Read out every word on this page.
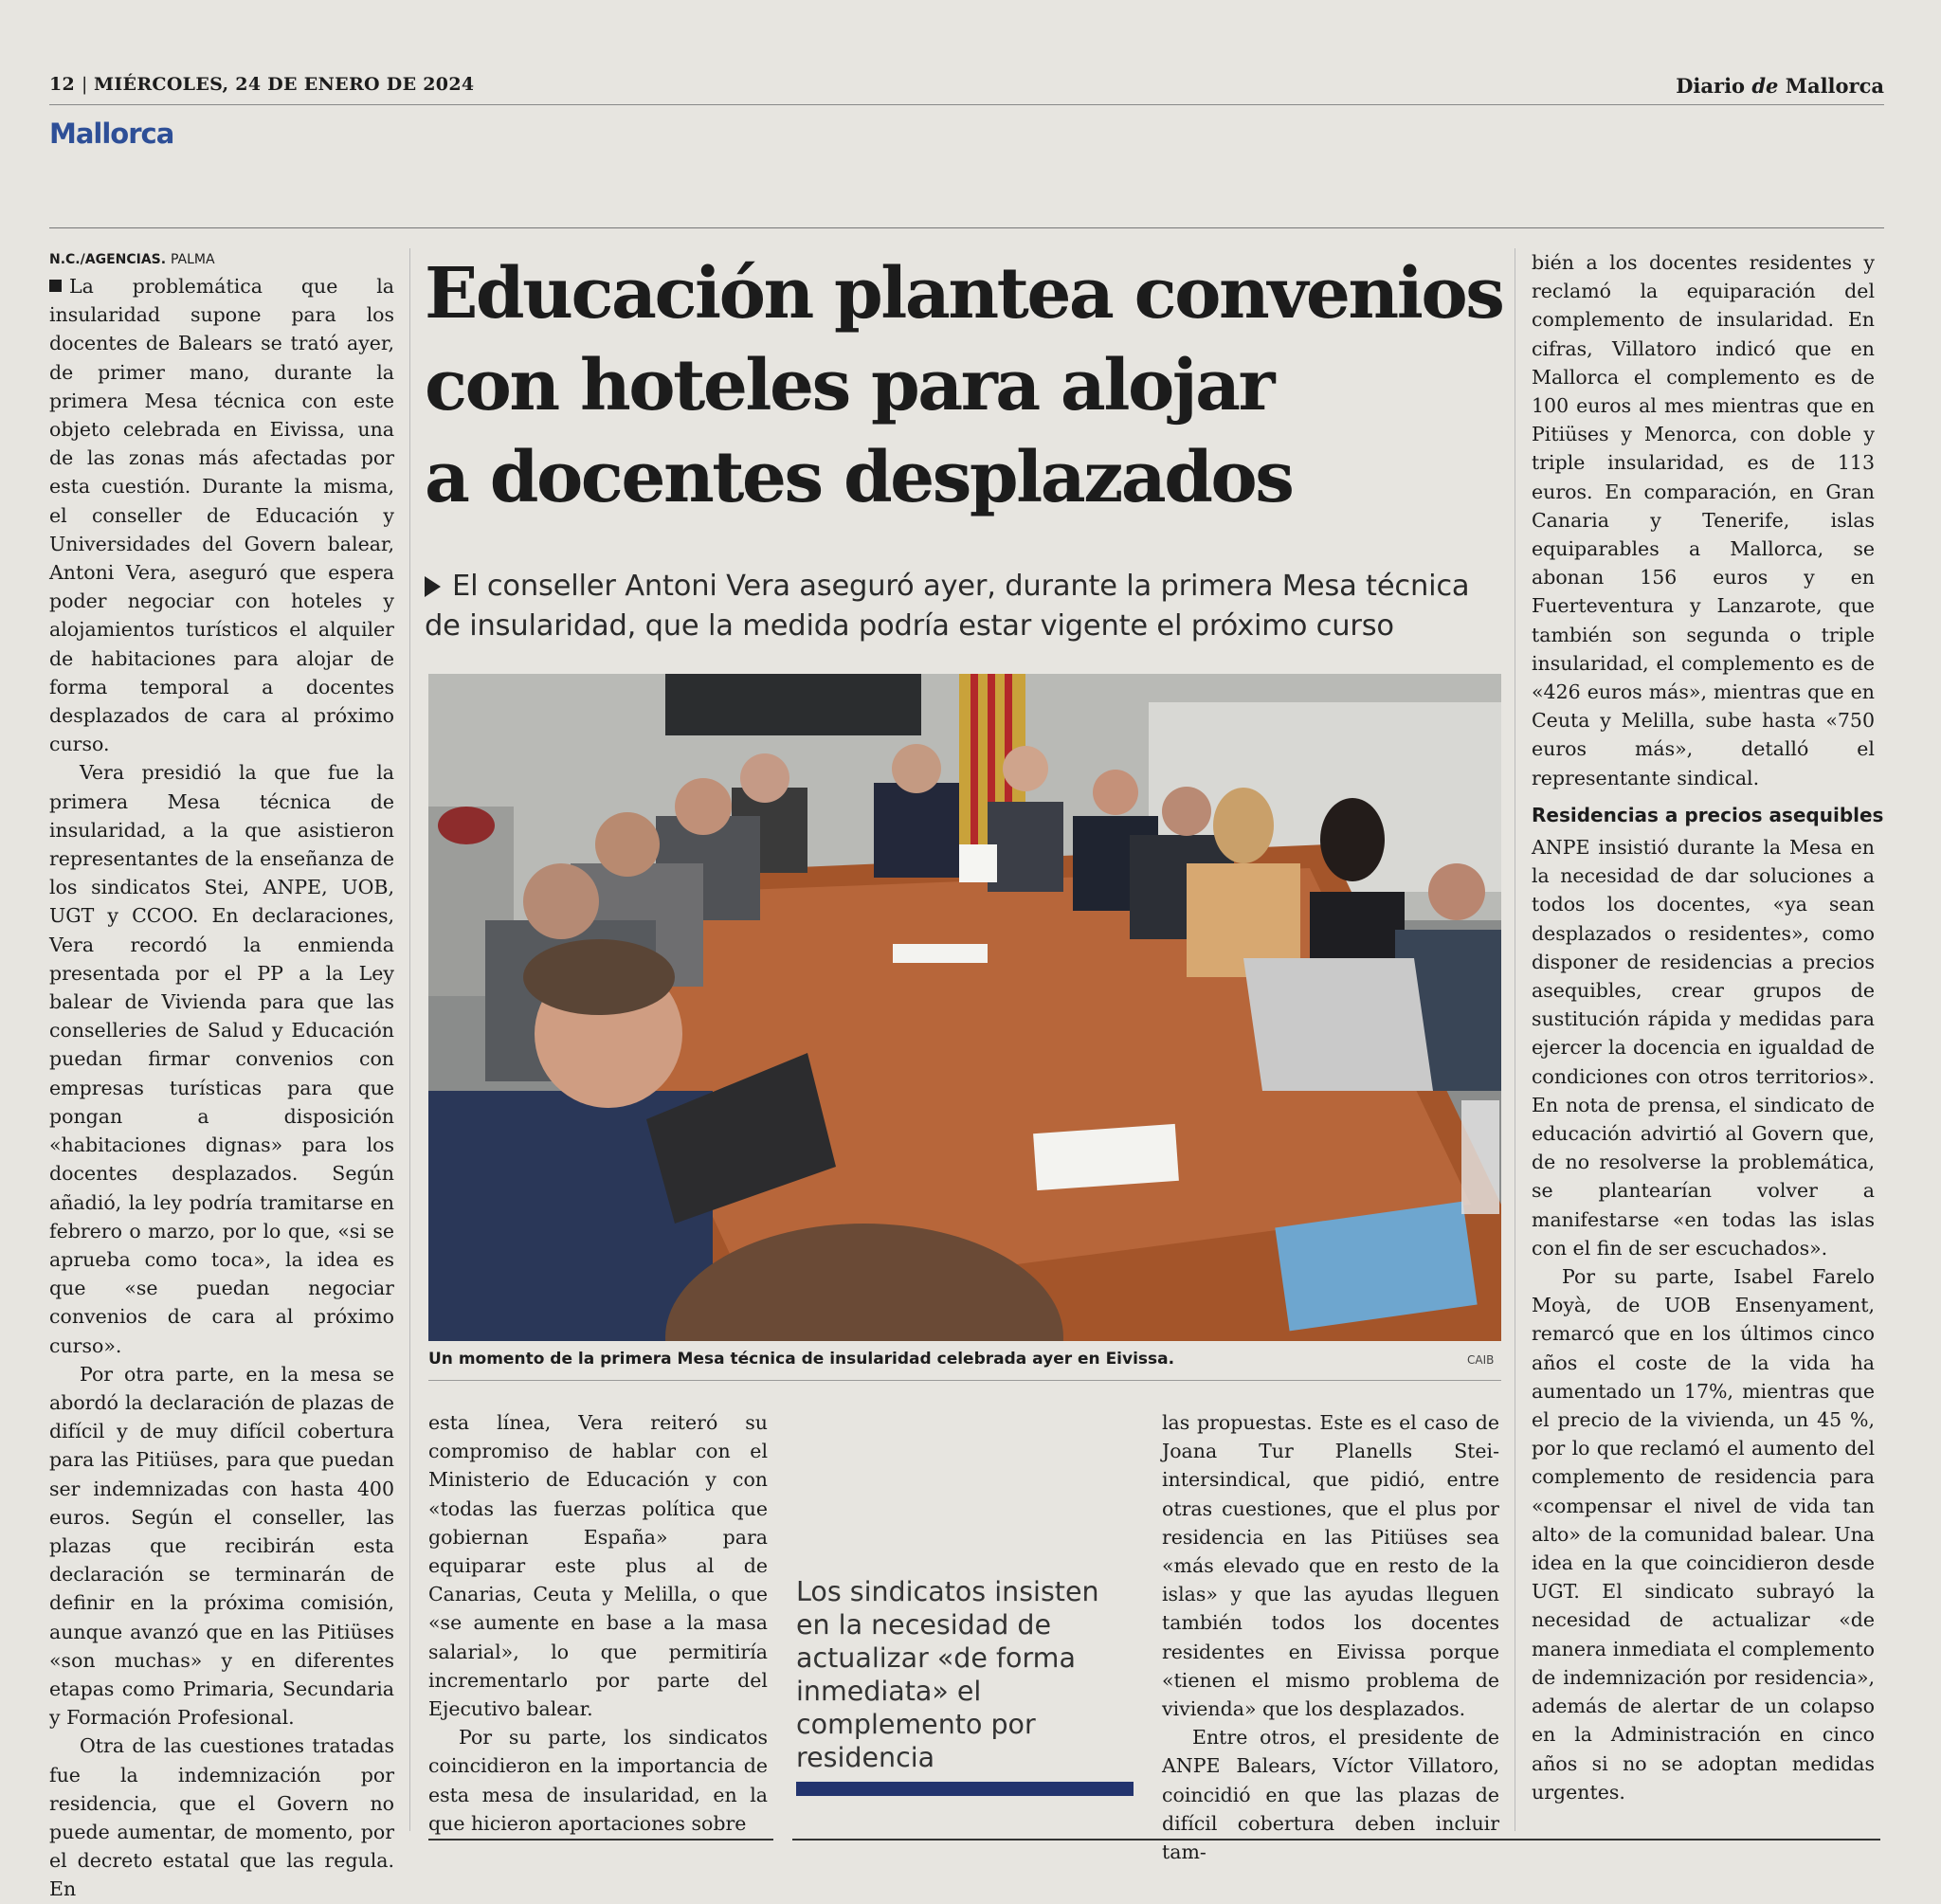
12 | MIÉRCOLES, 24 DE ENERO DE 2024	Diario de Mallorca
Mallorca
N.C./AGENCIAS. PALMA

La problemática que la insularidad supone para los docentes de Balears se trató ayer, de primer mano, durante la primera Mesa técnica con este objeto celebrada en Eivissa, una de las zonas más afectadas por esta cuestión. Durante la misma, el conseller de Educación y Universidades del Govern balear, Antoni Vera, aseguró que espera poder negociar con hoteles y alojamientos turísticos el alquiler de habitaciones para alojar de forma temporal a docentes desplazados de cara al próximo curso.

Vera presidió la que fue la primera Mesa técnica de insularidad, a la que asistieron representantes de la enseñanza de los sindicatos Stei, ANPE, UOB, UGT y CCOO. En declaraciones, Vera recordó la enmienda presentada por el PP a la Ley balear de Vivienda para que las conselleries de Salud y Educación puedan firmar convenios con empresas turísticas para que pongan a disposición «habitaciones dignas» para los docentes desplazados. Según añadió, la ley podría tramitarse en febrero o marzo, por lo que, «si se aprueba como toca», la idea es que «se puedan negociar convenios de cara al próximo curso».

Por otra parte, en la mesa se abordó la declaración de plazas de difícil y de muy difícil cobertura para las Pitiüses, para que puedan ser indemnizadas con hasta 400 euros. Según el conseller, las plazas que recibirán esta declaración se terminarán de definir en la próxima comisión, aunque avanzó que en las Pitiüses «son muchas» y en diferentes etapas como Primaria, Secundaria y Formación Profesional.

Otra de las cuestiones tratadas fue la indemnización por residencia, que el Govern no puede aumentar, de momento, por el decreto estatal que las regula. En

Educación plantea convenios
con hoteles para alojar
a docentes desplazados
El conseller Antoni Vera aseguró ayer, durante la primera Mesa técnica
de insularidad, que la medida podría estar vigente el próximo curso
Un momento de la primera Mesa técnica de insularidad celebrada ayer en Eivissa.	CAIB

esta línea, Vera reiteró su compromiso de hablar con el Ministerio de Educación y con «todas las fuerzas política que gobiernan España» para equiparar este plus al de Canarias, Ceuta y Melilla, o que «se aumente en base a la masa salarial», lo que permitiría incrementarlo por parte del Ejecutivo balear.

Por su parte, los sindicatos coincidieron en la importancia de esta mesa de insularidad, en la que hicieron aportaciones sobre

Los sindicatos insisten en la necesidad de actualizar «de forma inmediata» el complemento por residencia

las propuestas. Este es el caso de Joana Tur Planells Stei-intersindical, que pidió, entre otras cuestiones, que el plus por residencia en las Pitiüses sea «más elevado que en resto de la islas» y que las ayudas lleguen también todos los docentes residentes en Eivissa porque «tienen el mismo problema de vivienda» que los desplazados.

Entre otros, el presidente de ANPE Balears, Víctor Villatoro, coincidió en que las plazas de difícil cobertura deben incluir tam-

bién a los docentes residentes y reclamó la equiparación del complemento de insularidad. En cifras, Villatoro indicó que en Mallorca el complemento es de 100 euros al mes mientras que en Pitiüses y Menorca, con doble y triple insularidad, es de 113 euros. En comparación, en Gran Canaria y Tenerife, islas equiparables a Mallorca, se abonan 156 euros y en Fuerteventura y Lanzarote, que también son segunda o triple insularidad, el complemento es de «426 euros más», mientras que en Ceuta y Melilla, sube hasta «750 euros más», detalló el representante sindical.

Residencias a precios asequibles

ANPE insistió durante la Mesa en la necesidad de dar soluciones a todos los docentes, «ya sean desplazados o residentes», como disponer de residencias a precios asequibles, crear grupos de sustitución rápida y medidas para ejercer la docencia en igualdad de condiciones con otros territorios». En nota de prensa, el sindicato de educación advirtió al Govern que, de no resolverse la problemática, se plantearían volver a manifestarse «en todas las islas con el fin de ser escuchados».

Por su parte, Isabel Farelo Moyà, de UOB Ensenyament, remarcó que en los últimos cinco años el coste de la vida ha aumentado un 17%, mientras que el precio de la vivienda, un 45 %, por lo que reclamó el aumento del complemento de residencia para «compensar el nivel de vida tan alto» de la comunidad balear. Una idea en la que coincidieron desde UGT. El sindicato subrayó la necesidad de actualizar «de manera inmediata el complemento de indemnización por residencia», además de alertar de un colapso en la Administración en cinco años si no se adoptan medidas urgentes.
